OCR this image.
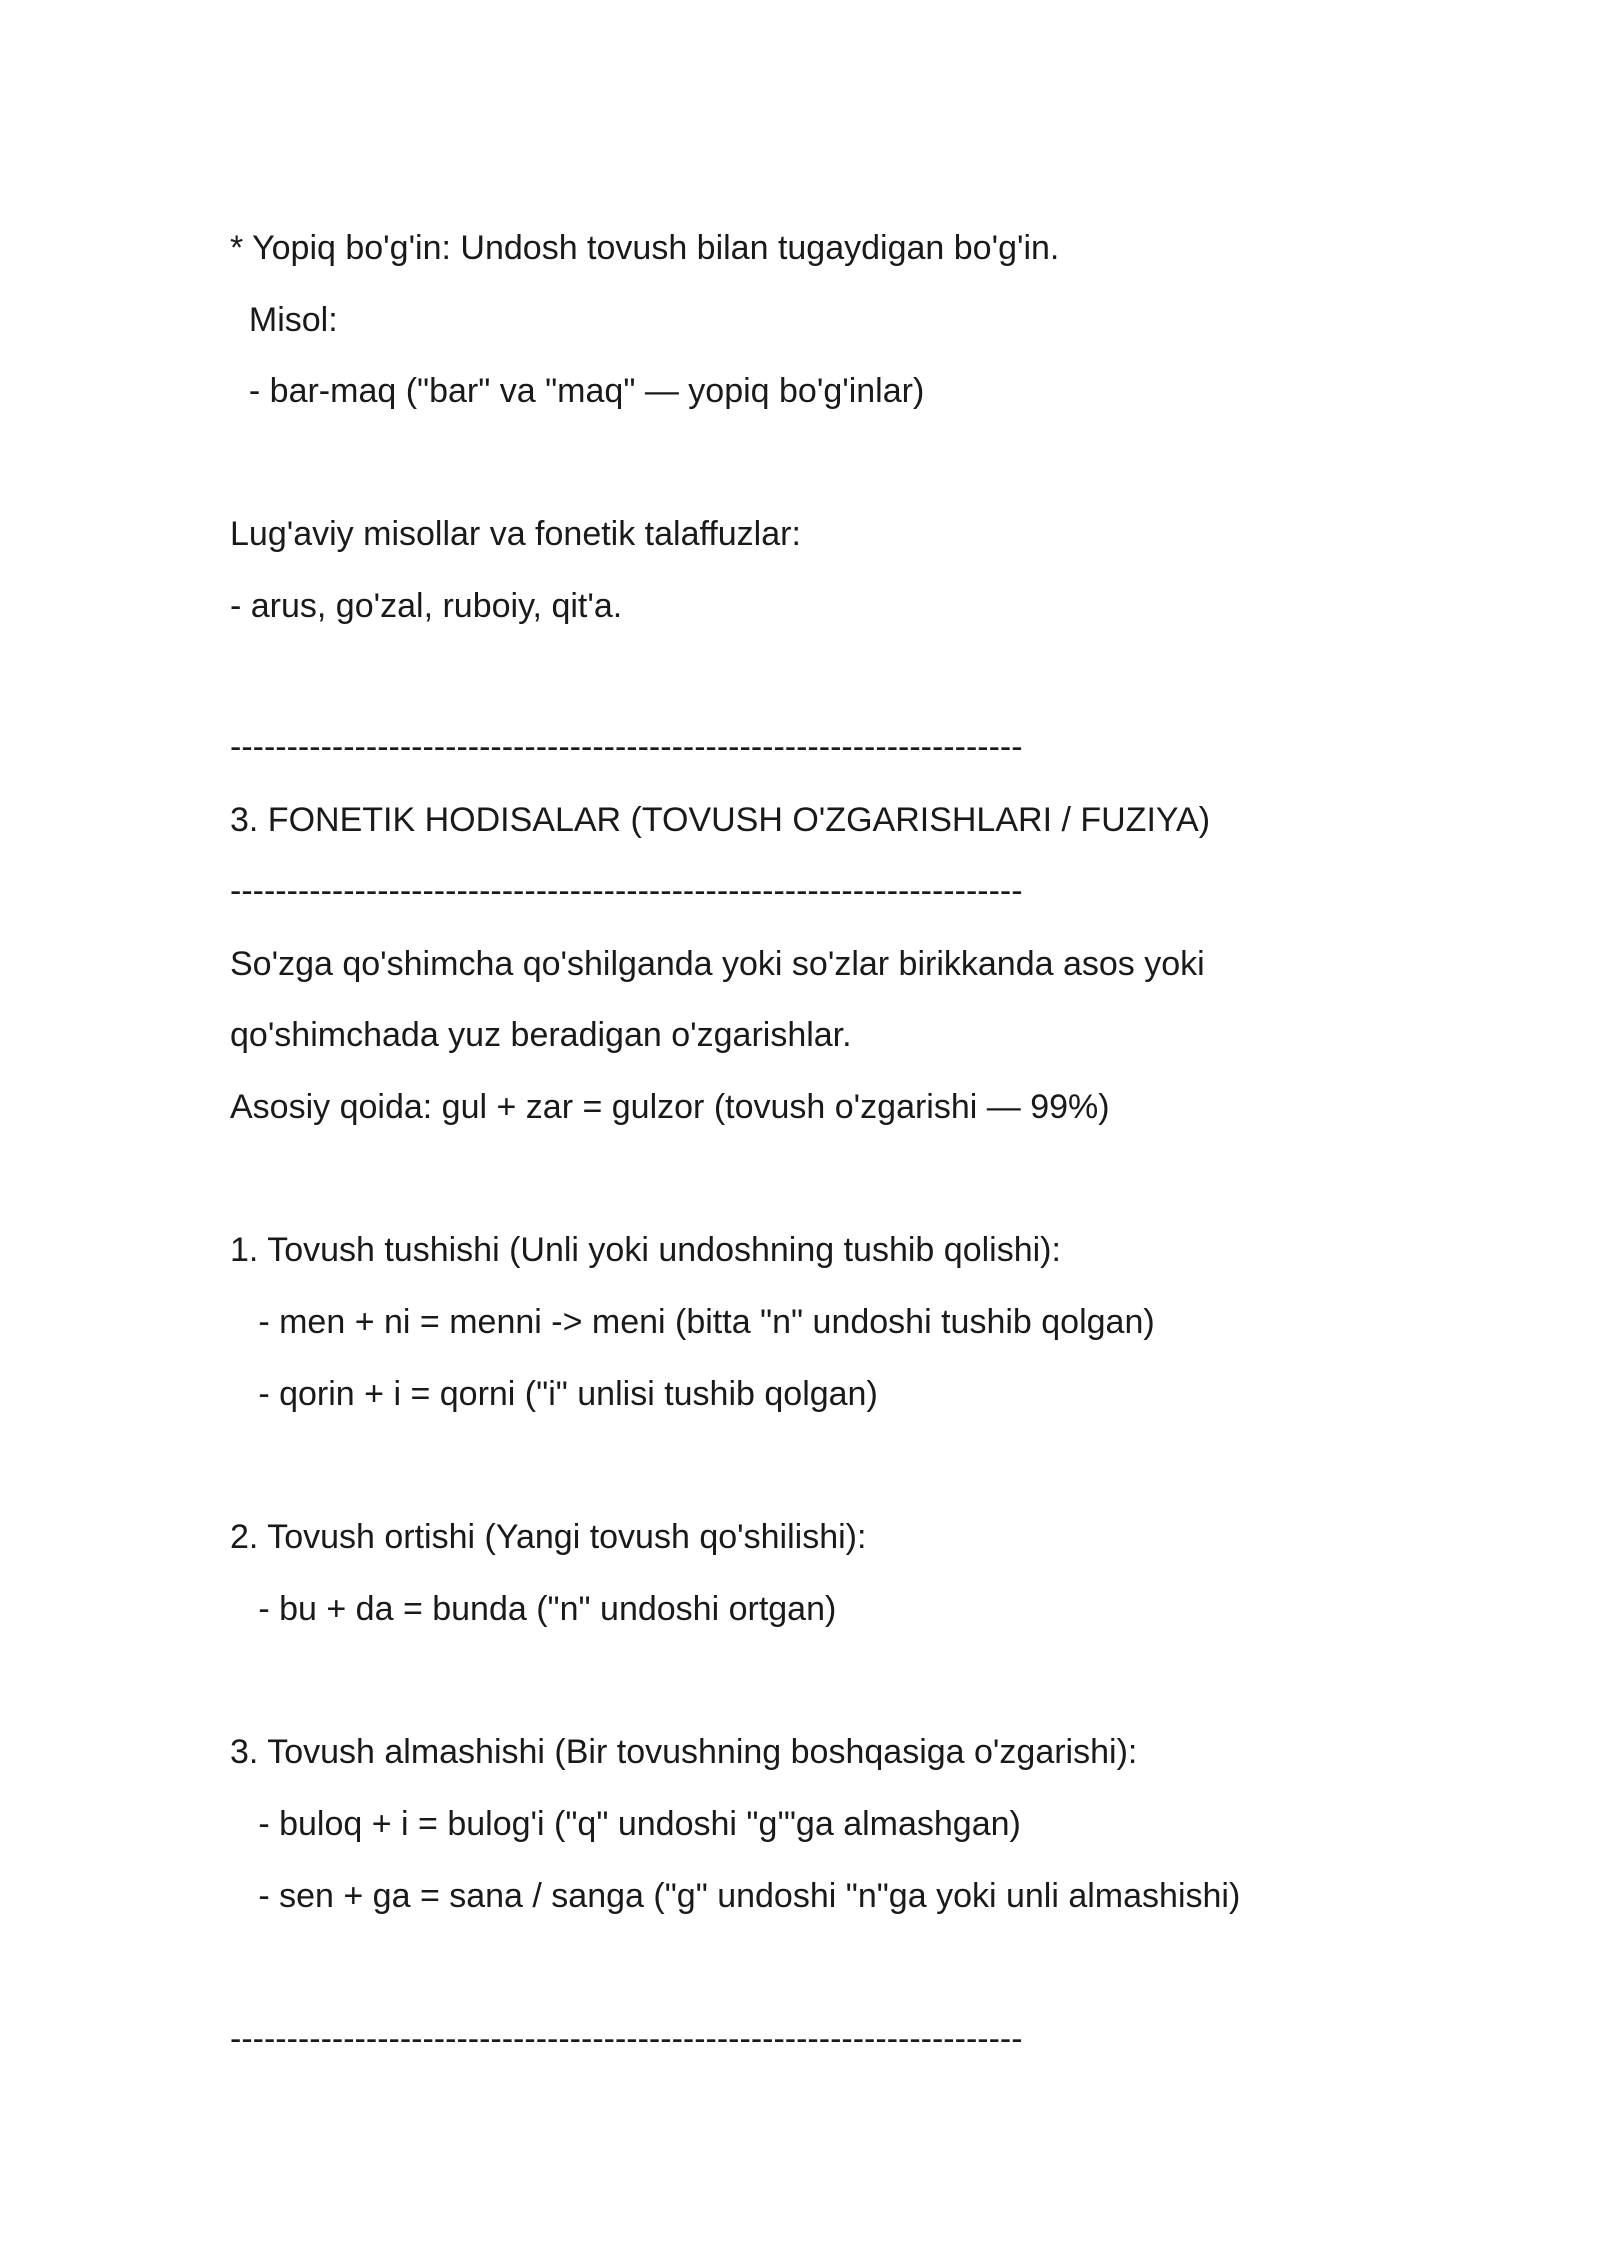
* Yopiq bo'g'in: Undosh tovush bilan tugaydigan bo'g'in.
Misol:
- bar-maq ("bar" va "maq" — yopiq bo'g'inlar)
Lug'aviy misollar va fonetik talaffuzlar:
- arus, go'zal, ruboiy, qit'a.
----------------------------------------------------------------------
3. FONETIK HODISALAR (TOVUSH O'ZGARISHLARI / FUZIYA)
----------------------------------------------------------------------
So'zga qo'shimcha qo'shilganda yoki so'zlar birikkanda asos yoki
qo'shimchada yuz beradigan o'zgarishlar.
Asosiy qoida: gul + zar = gulzor (tovush o'zgarishi — 99%)
1. Tovush tushishi (Unli yoki undoshning tushib qolishi):
- men + ni = menni -> meni (bitta "n" undoshi tushib qolgan)
- qorin + i = qorni ("i" unlisi tushib qolgan)
2. Tovush ortishi (Yangi tovush qo'shilishi):
- bu + da = bunda ("n" undoshi ortgan)
3. Tovush almashishi (Bir tovushning boshqasiga o'zgarishi):
- buloq + i = bulog'i ("q" undoshi "g'"ga almashgan)
- sen + ga = sana / sanga ("g" undoshi "n"ga yoki unli almashishi)
----------------------------------------------------------------------
